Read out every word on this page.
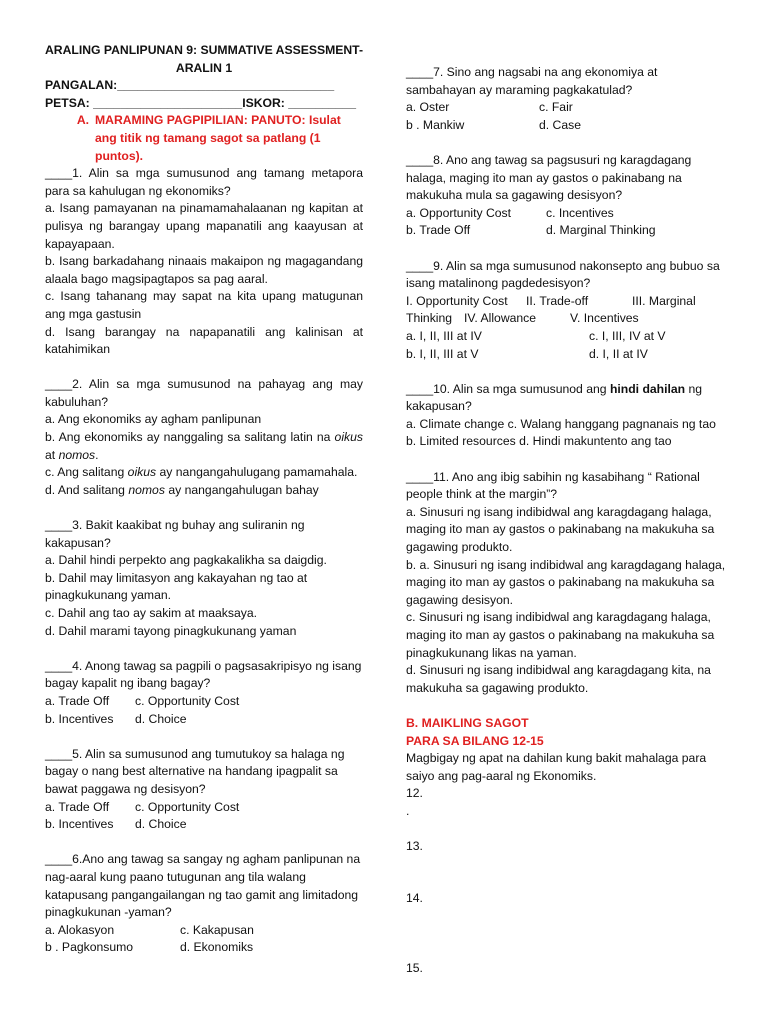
ARALING PANLIPUNAN 9: SUMMATIVE ASSESSMENT-

ARALIN 1

PANGALAN:________________________________

PETSA: ______________________ISKOR: __________

A. MARAMING PAGPIPILIAN: PANUTO: Isulat ang titik ng tamang sagot sa patlang (1 puntos).

____1. Alin sa mga sumusunod ang tamang metapora para sa kahulugan ng ekonomiks?

a. Isang pamayanan na pinamamahalaanan ng kapitan at pulisya ng barangay upang mapanatili ang kaayusan at kapayapaan.

b. Isang barkadahang ninaais makaipon ng magagandang alaala bago magsipagtapos sa pag aaral.

c. Isang tahanang may sapat na kita upang matugunan ang mga gastusin

d. Isang barangay na napapanatili ang kalinisan at katahimikan

____2. Alin sa mga sumusunod na pahayag ang may kabuluhan?

a. Ang ekonomiks ay agham panlipunan

b. Ang ekonomiks ay nanggaling sa salitang latin na oikus at nomos.

c. Ang salitang oikus ay nangangahulugang pamamahala.

d. And salitang nomos ay nangangahulugan bahay

____3. Bakit kaakibat ng buhay ang suliranin ng kakapusan?

a. Dahil hindi perpekto ang pagkakalikha sa daigdig.

b. Dahil may limitasyon ang kakayahan ng tao at pinagkukunang yaman.

c. Dahil ang tao ay sakim at maaksaya.

d. Dahil marami tayong pinagkukunang yaman

____4. Anong tawag sa pagpili o pagsasakripisyo ng isang bagay kapalit ng ibang bagay?

a. Trade Off	c. Opportunity Cost
b. Incentives	d. Choice

____5. Alin sa sumusunod ang tumutukoy sa halaga ng bagay o nang best alternative na handang ipagpalit sa bawat paggawa ng desisyon?

a. Trade Off	c. Opportunity Cost
b. Incentives	d. Choice

____6.Ano ang tawag sa sangay ng agham panlipunan na nag-aaral kung paano tutugunan ang tila walang katapusang pangangailangan ng tao gamit ang limitadong pinagkukunan -yaman?

a. Alokasyon	c. Kakapusan
b . Pagkonsumo	d. Ekonomiks

____7. Sino ang nagsabi na ang ekonomiya at sambahayan ay maraming pagkakatulad?

a. Oster	c. Fair
b . Mankiw	d. Case

____8. Ano ang tawag sa pagsusuri ng karagdagang halaga, maging ito man ay gastos o pakinabang na makukuha mula sa gagawing desisyon?

a. Opportunity Cost	c. Incentives
b. Trade Off	d. Marginal Thinking

____9. Alin sa mga sumusunod nakonsepto ang bubuo sa isang matalinong pagdedesisyon?

I. Opportunity Cost	II. Trade-off	III. Marginal
Thinking IV. Allowance	V. Incentives
a. I, II, III at IV	c. I, III, IV at V
b. I, II, III at V	d. I, II at IV

____10. Alin sa mga sumusunod ang hindi dahilan ng kakapusan?

a. Climate change c. Walang hanggang pagnanais ng tao

b. Limited resources d. Hindi makuntento ang tao

____11. Ano ang ibig sabihin ng kasabihang “ Rational people think at the margin”?

a. Sinusuri ng isang indibidwal ang karagdagang halaga, maging ito man ay gastos o pakinabang na makukuha sa gagawing produkto.

b. a. Sinusuri ng isang indibidwal ang karagdagang halaga, maging ito man ay gastos o pakinabang na makukuha sa gagawing desisyon.

c. Sinusuri ng isang indibidwal ang karagdagang halaga, maging ito man ay gastos o pakinabang na makukuha sa pinagkukunang likas na yaman.

d. Sinusuri ng isang indibidwal ang karagdagang kita, na makukuha sa gagawing produkto.

B. MAIKLING SAGOT

PARA SA BILANG 12-15

Magbigay ng apat na dahilan kung bakit mahalaga para saiyo ang pag-aaral ng Ekonomiks.

12.

.

13.

14.

15.
